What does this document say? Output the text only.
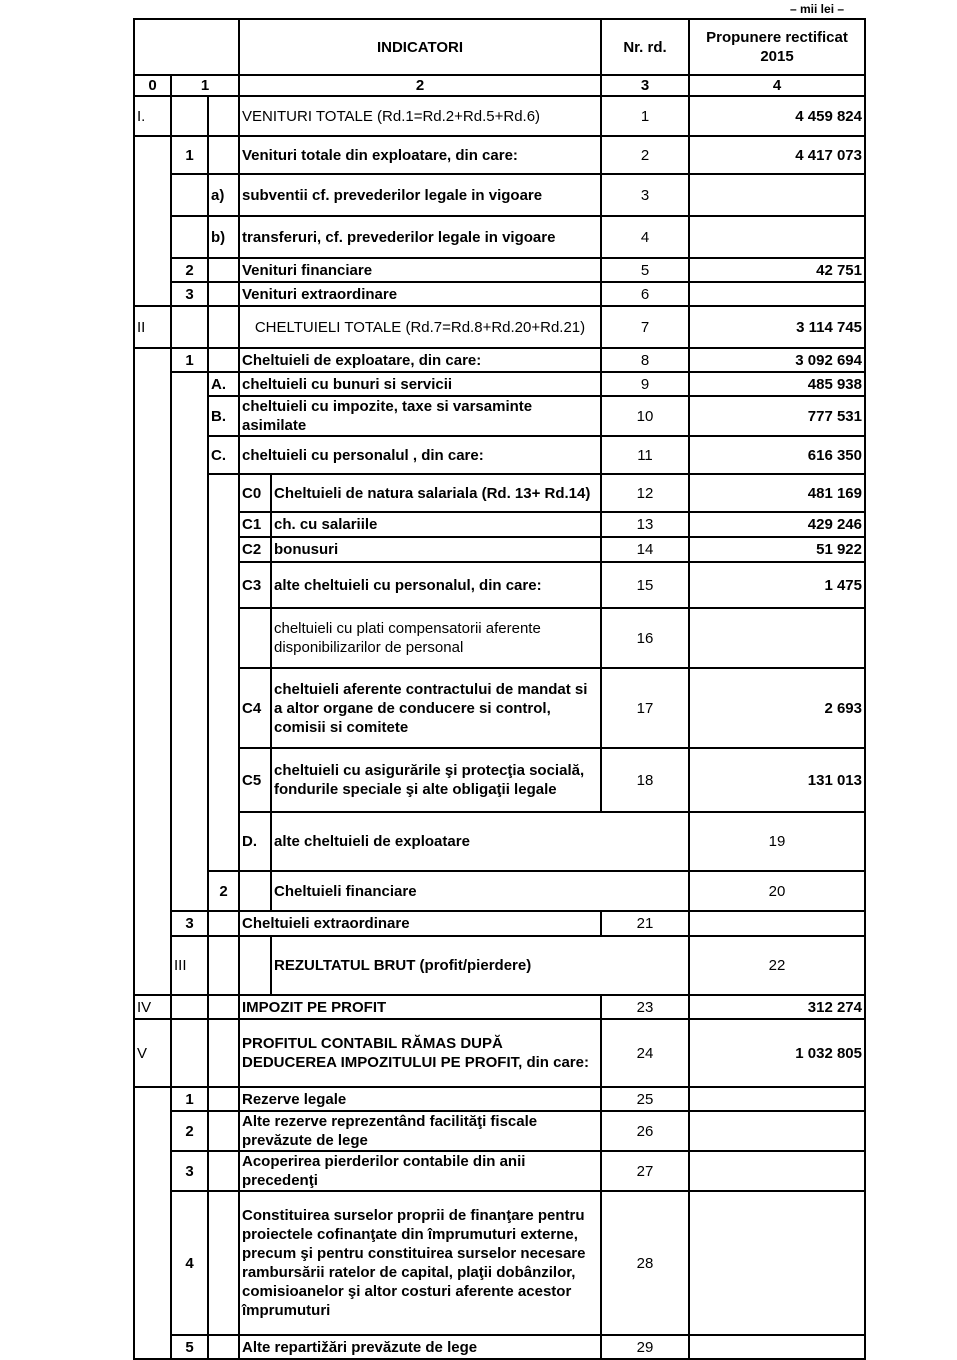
– mii lei –
			INDICATORI		Nr. rd.	Propunere rectificat 2015	
0	1		2		3	4	
I.			VENITURI TOTALE (Rd.1=Rd.2+Rd.5+Rd.6)		1	4 459 824	
	1		Venituri totale din exploatare, din care:		2	4 417 073	
		a)	subventii cf. prevederilor legale in vigoare		3		
		b)	transferuri, cf. prevederilor legale in vigoare		4		
	2		Venituri financiare		5	42 751	
	3		Venituri extraordinare		6		
II			CHELTUIELI TOTALE (Rd.7=Rd.8+Rd.20+Rd.21)		7	3 114 745	
	1		Cheltuieli de exploatare, din care:		8	3 092 694	
		A.	cheltuieli cu bunuri si servicii		9	485 938	
		B.	cheltuieli cu impozite, taxe si varsaminte asimilate		10	777 531	
		C.	cheltuieli cu personalul , din care:		11	616 350	
			C0	Cheltuieli de natura salariala (Rd. 13+ Rd.14)	12	481 169	
			C1	ch. cu salariile	13	429 246	
			C2	bonusuri	14	51 922	
			C3	alte cheltuieli cu personalul, din care:	15	1 475	
				cheltuieli cu plati compensatorii aferente disponibilizarilor de personal	16		
			C4	cheltuieli aferente contractului de mandat si a altor organe de conducere si control, comisii si comitete	17	2 693	
			C5	cheltuieli cu asigurările şi protecţia socială, fondurile speciale şi alte obligaţii legale	18	131 013	
			D.	alte cheltuieli de exploatare		19	
		2		Cheltuieli financiare		20	
	3		Cheltuieli extraordinare		21		
	III			REZULTATUL BRUT (profit/pierdere)		22	
IV			IMPOZIT PE PROFIT		23	312 274	
V			PROFITUL CONTABIL RĂMAS DUPĂ DEDUCEREA IMPOZITULUI PE PROFIT, din care:		24	1 032 805	
	1		Rezerve legale		25		
	2		Alte rezerve reprezentând facilităţi fiscale prevăzute de lege		26		
	3		Acoperirea pierderilor contabile din anii precedenţi		27		
	4		Constituirea surselor proprii de finanţare pentru proiectele cofinanţate din împrumuturi externe, precum şi pentru constituirea surselor necesare rambursării ratelor de capital, plaţii dobânzilor, comisioanelor şi altor costuri aferente acestor împrumuturi		28		
	5		Alte repartižări prevăzute de lege		29		
